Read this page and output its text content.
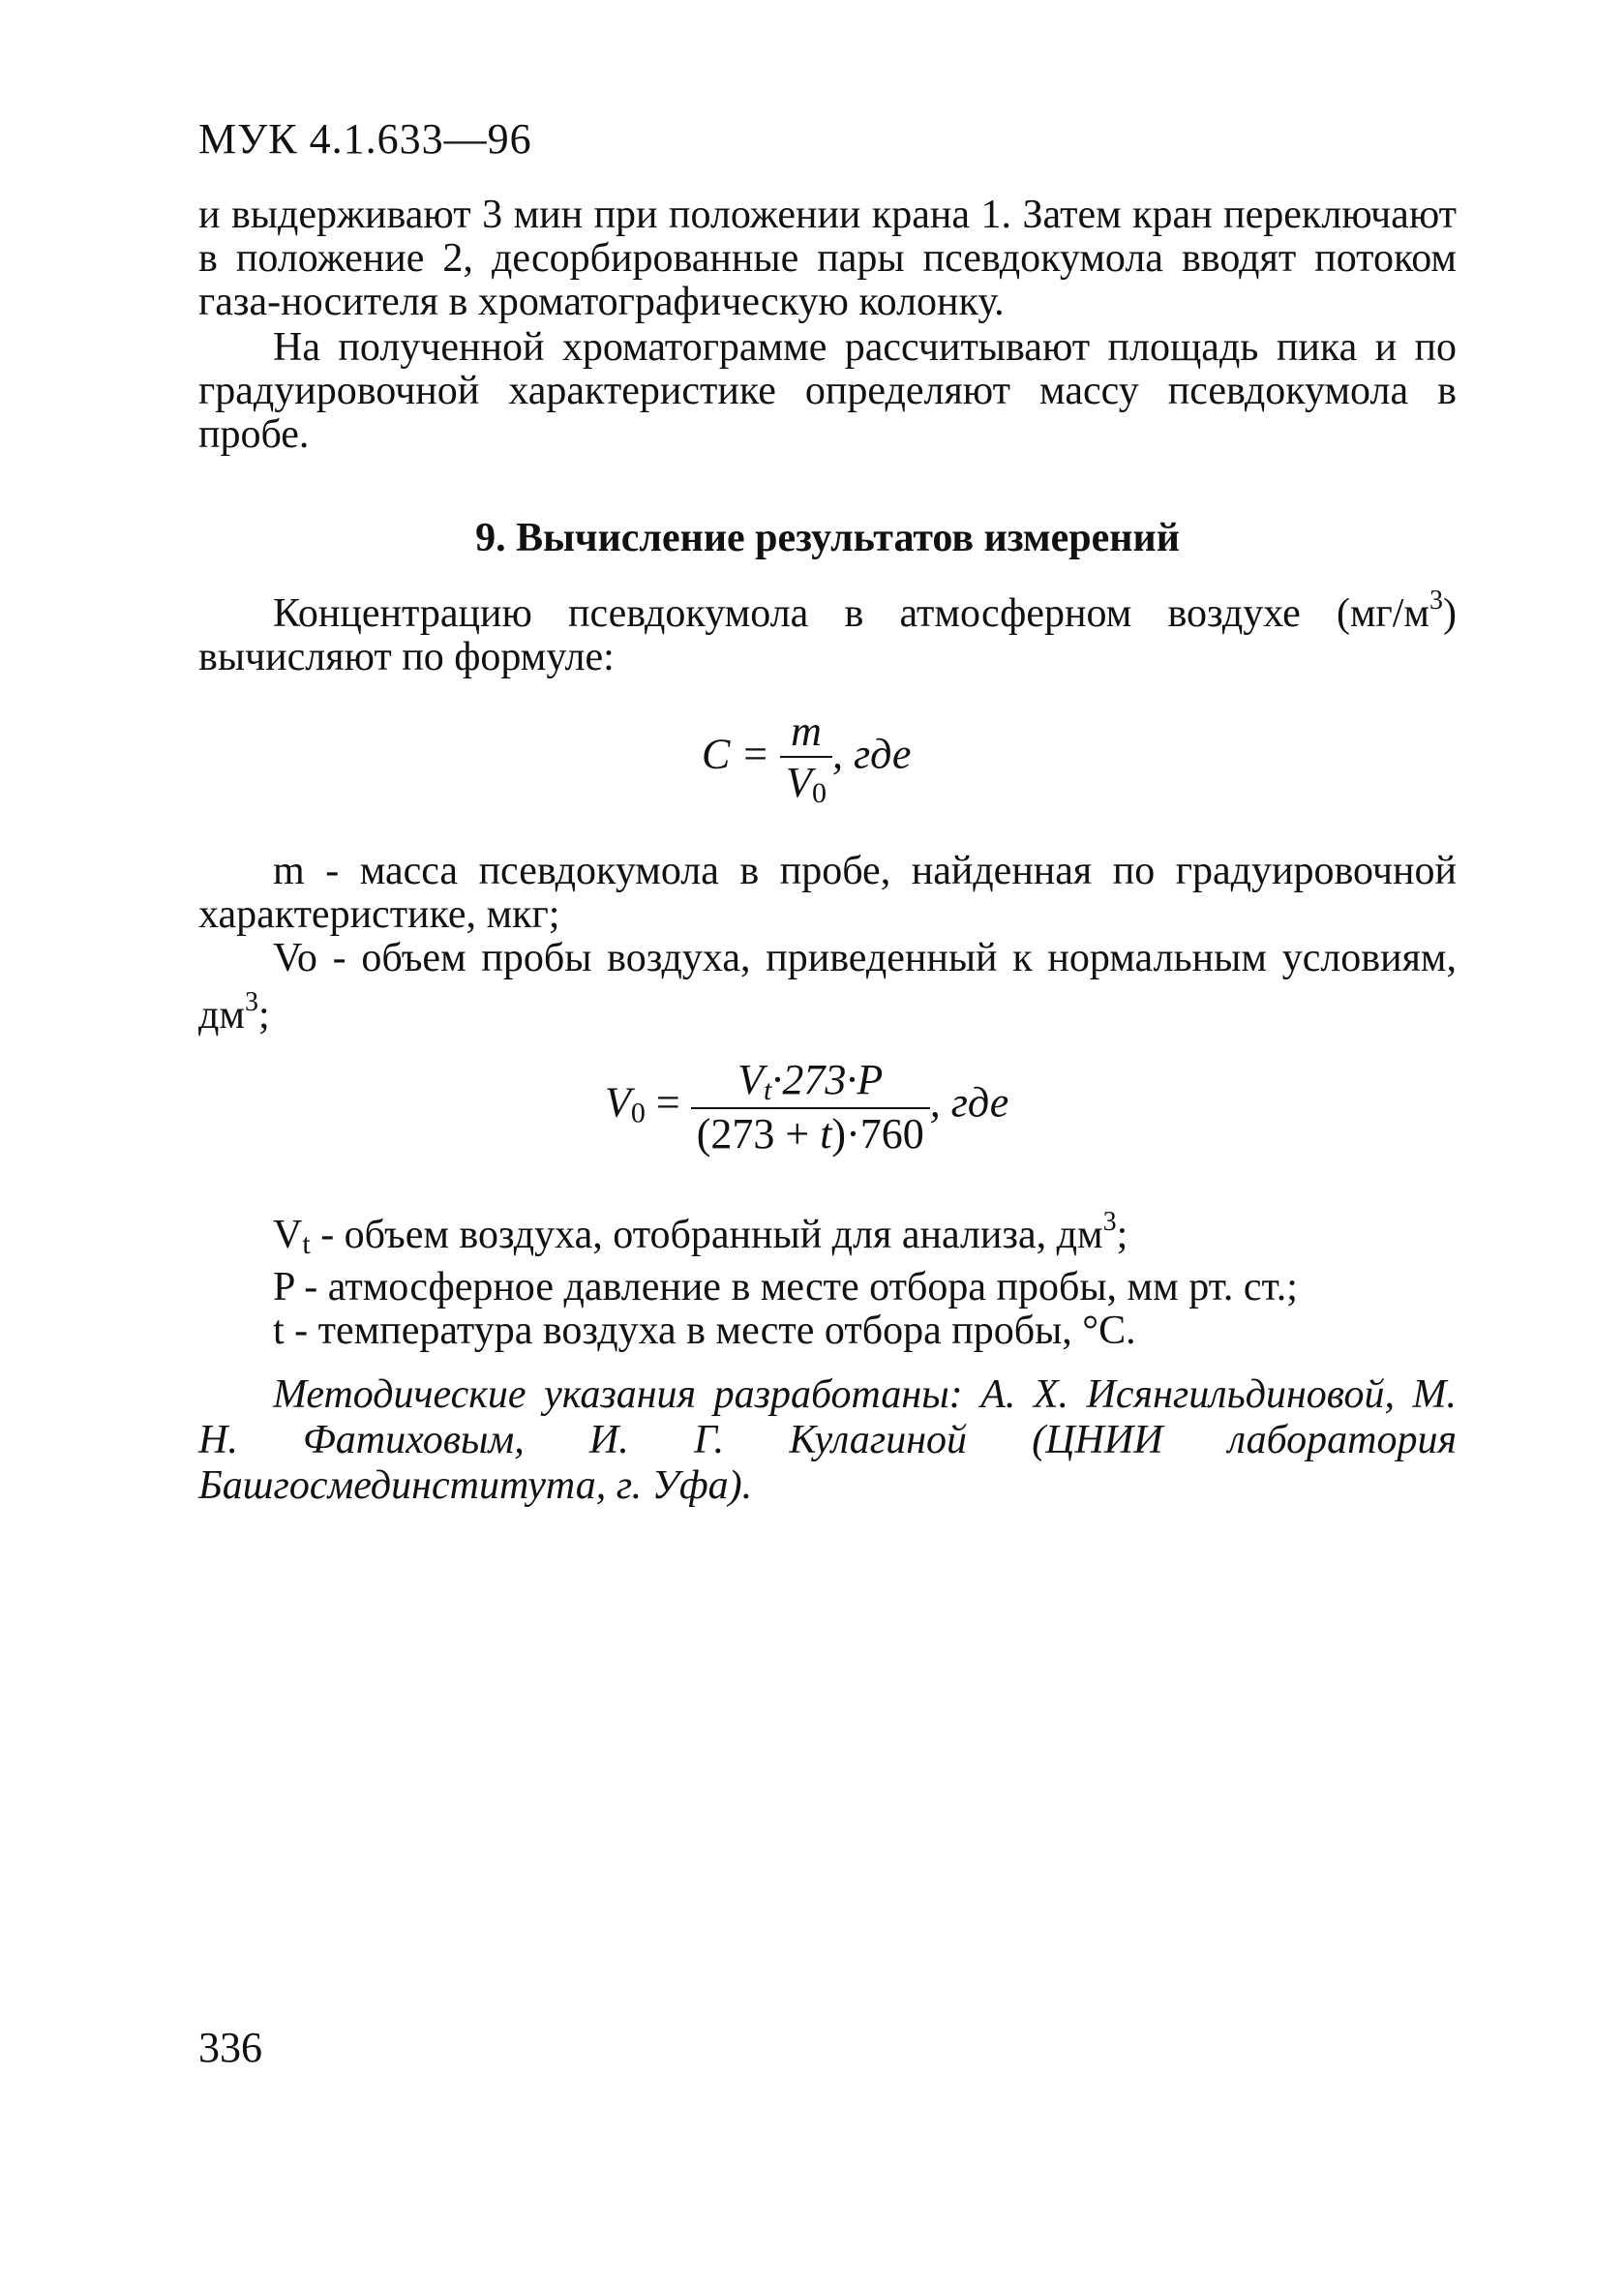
МУК 4.1.633—96

и выдерживают 3 мин при положении крана 1. Затем кран переключают в положение 2, десорбированные пары псевдокумола вводят потоком газа-носителя в хроматографическую колонку.

На полученной хроматограмме рассчитывают площадь пика и по градуировочной характеристике определяют массу псевдокумола в пробе.

9. Вычисление результатов измерений

Концентрацию псевдокумола в атмосферном воздухе $(мг/м^3)$ вычисляют по формуле:

$C = \frac{m}{V_0}$ , где

m - масса псевдокумола в пробе, найденная по градуировочной характеристике, мкг;

Vo - объем пробы воздуха, приведенный к нормальным условиям, $дм^3$;

$V_0 = \frac{V_t\cdot 273\cdot P}{(273 + t)\cdot 760}$ , где

$V_t$ - объем воздуха, отобранный для анализа, $дм^3$;

P - атмосферное давление в месте отбора пробы, мм рт. ст.;

t - температура воздуха в месте отбора пробы, °С.

Методические указания разработаны: А. Х. Исянгильдиновой, М. Н. Фатиховым, И. Г. Кулагиной (ЦНИИ лаборатория Башгосмединститута, г. Уфа).

336
